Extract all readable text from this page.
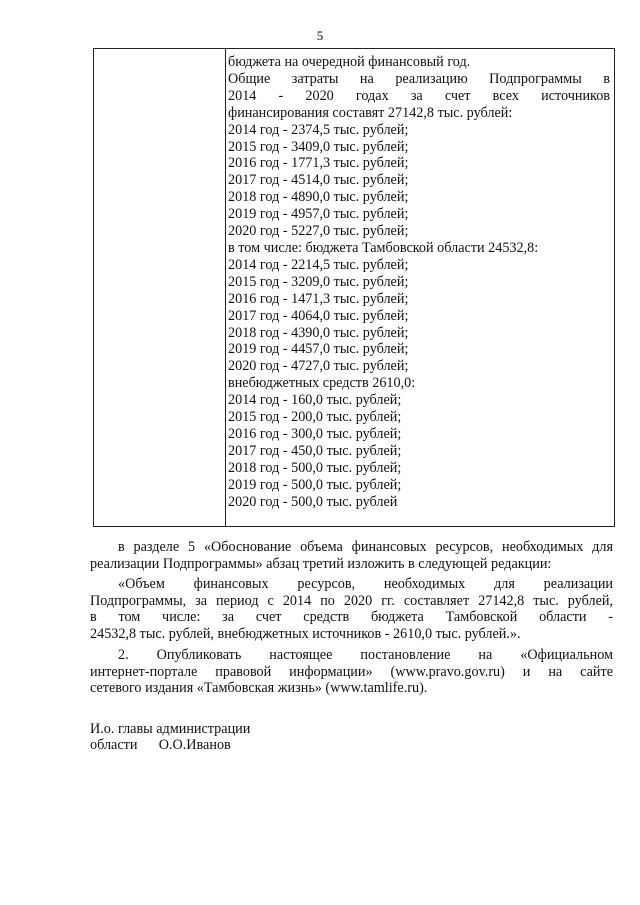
5
бюджета на очередной финансовый год.
Общие затраты на реализацию Подпрограммы в
2014 - 2020 годах за счет всех источников
финансирования составят 27142,8 тыс. рублей:
2014 год - 2374,5 тыс. рублей;
2015 год - 3409,0 тыс. рублей;
2016 год - 1771,3 тыс. рублей;
2017 год - 4514,0 тыс. рублей;
2018 год - 4890,0 тыс. рублей;
2019 год - 4957,0 тыс. рублей;
2020 год - 5227,0 тыс. рублей;
в том числе: бюджета Тамбовской области 24532,8:
2014 год - 2214,5 тыс. рублей;
2015 год - 3209,0 тыс. рублей;
2016 год - 1471,3 тыс. рублей;
2017 год - 4064,0 тыс. рублей;
2018 год - 4390,0 тыс. рублей;
2019 год - 4457,0 тыс. рублей;
2020 год - 4727,0 тыс. рублей;
внебюджетных средств 2610,0:
2014 год - 160,0 тыс. рублей;
2015 год - 200,0 тыс. рублей;
2016 год - 300,0 тыс. рублей;
2017 год - 450,0 тыс. рублей;
2018 год - 500,0 тыс. рублей;
2019 год - 500,0 тыс. рублей;
2020 год - 500,0 тыс. рублей
в разделе 5 «Обоснование объема финансовых ресурсов, необходимых для
реализации Подпрограммы» абзац третий изложить в следующей редакции:
«Объем финансовых ресурсов, необходимых для реализации
Подпрограммы, за период с 2014 по 2020 гг. составляет 27142,8 тыс. рублей,
в том числе: за счет средств бюджета Тамбовской области -
24532,8 тыс. рублей, внебюджетных источников - 2610,0 тыс. рублей.».
2. Опубликовать настоящее постановление на «Официальном
интернет-портале правовой информации» (www.pravo.gov.ru) и на сайте
сетевого издания «Тамбовская жизнь» (www.tamlife.ru).
И.о. главы администрации
области      О.О.Иванов
